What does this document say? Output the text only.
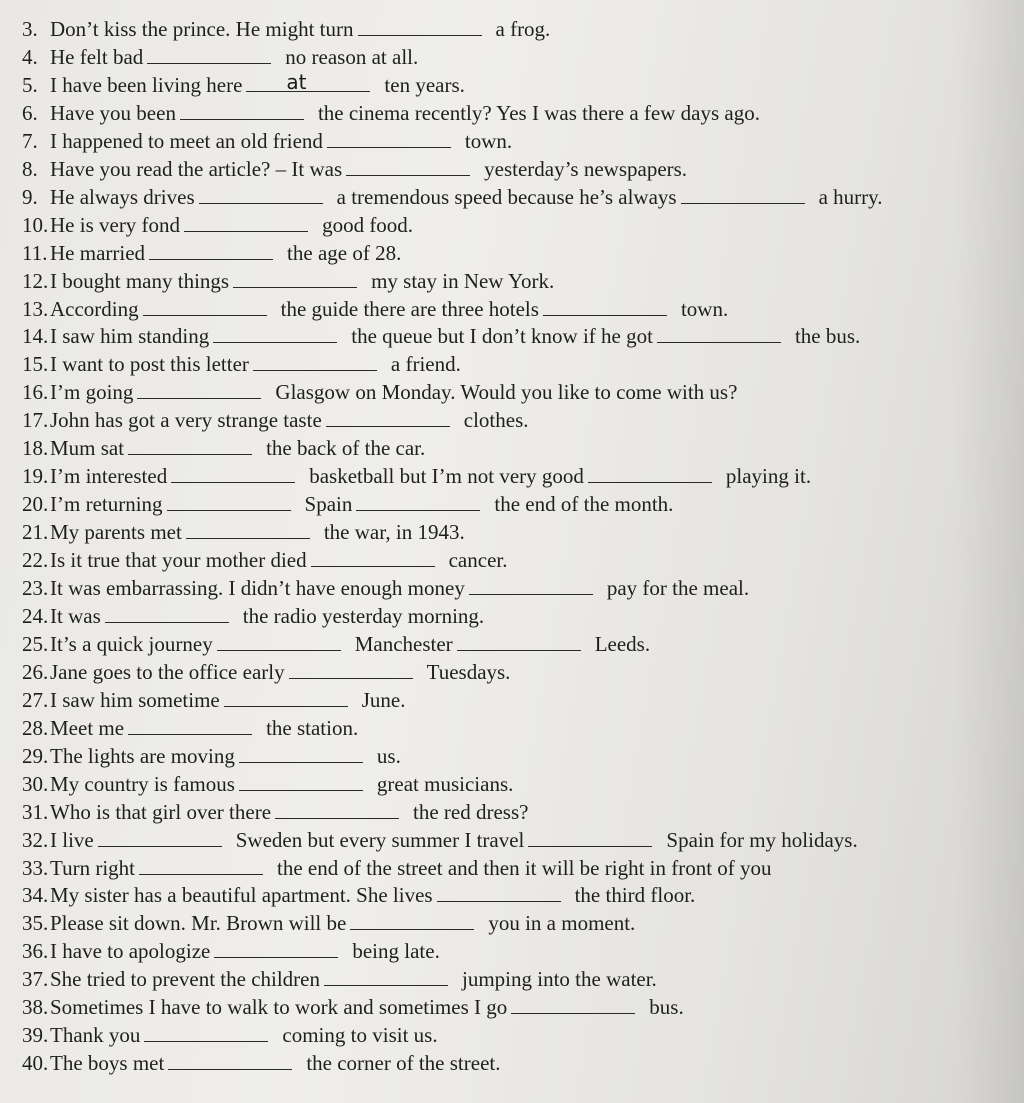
3. Don’t kiss the prince. He might turn	a frog.
4. He felt bad	no reason at all.
5. I have been living here at	ten years.
6. Have you been	the cinema recently? Yes I was there a few days ago.
7. I happened to meet an old friend	town.
8. Have you read the article? – It was	yesterday’s newspapers.
9. He always drives	a tremendous speed because he’s always	a hurry.
10.He is very fond	good food.
11. He married	the age of 28.
12.I bought many things	my stay in New York.
13.According	the guide there are three hotels	town.
14.I saw him standing	the queue but I don’t know if he got	the bus.
15.I want to post this letter	a friend.
16.I’m going	Glasgow on Monday. Would you like to come with us?
17.John has got a very strange taste	clothes.
18.Mum sat	the back of the car.
19.I’m interested	basketball but I’m not very good	playing it.
20.I’m returning	Spain	the end of the month.
21.My parents met	the war, in 1943.
22.Is it true that your mother died	cancer.
23.It was embarrassing. I didn’t have enough money	pay for the meal.
24.It was	the radio yesterday morning.
25.It’s a quick journey	Manchester	Leeds.
26.Jane goes to the office early	Tuesdays.
27.I saw him sometime	June.
28.Meet me	the station.
29.The lights are moving	us.
30.My country is famous	great musicians.
31.Who is that girl over there	the red dress?
32.I live	Sweden but every summer I travel	Spain for my holidays.
33.Turn right	the end of the street and then it will be right in front of you
34.My sister has a beautiful apartment. She lives	the third floor.
35.Please sit down. Mr. Brown will be	you in a moment.
36.I have to apologize	being late.
37.She tried to prevent the children	jumping into the water.
38.Sometimes I have to walk to work and sometimes I go	bus.
39.Thank you	coming to visit us.
40.The boys met	the corner of the street.
